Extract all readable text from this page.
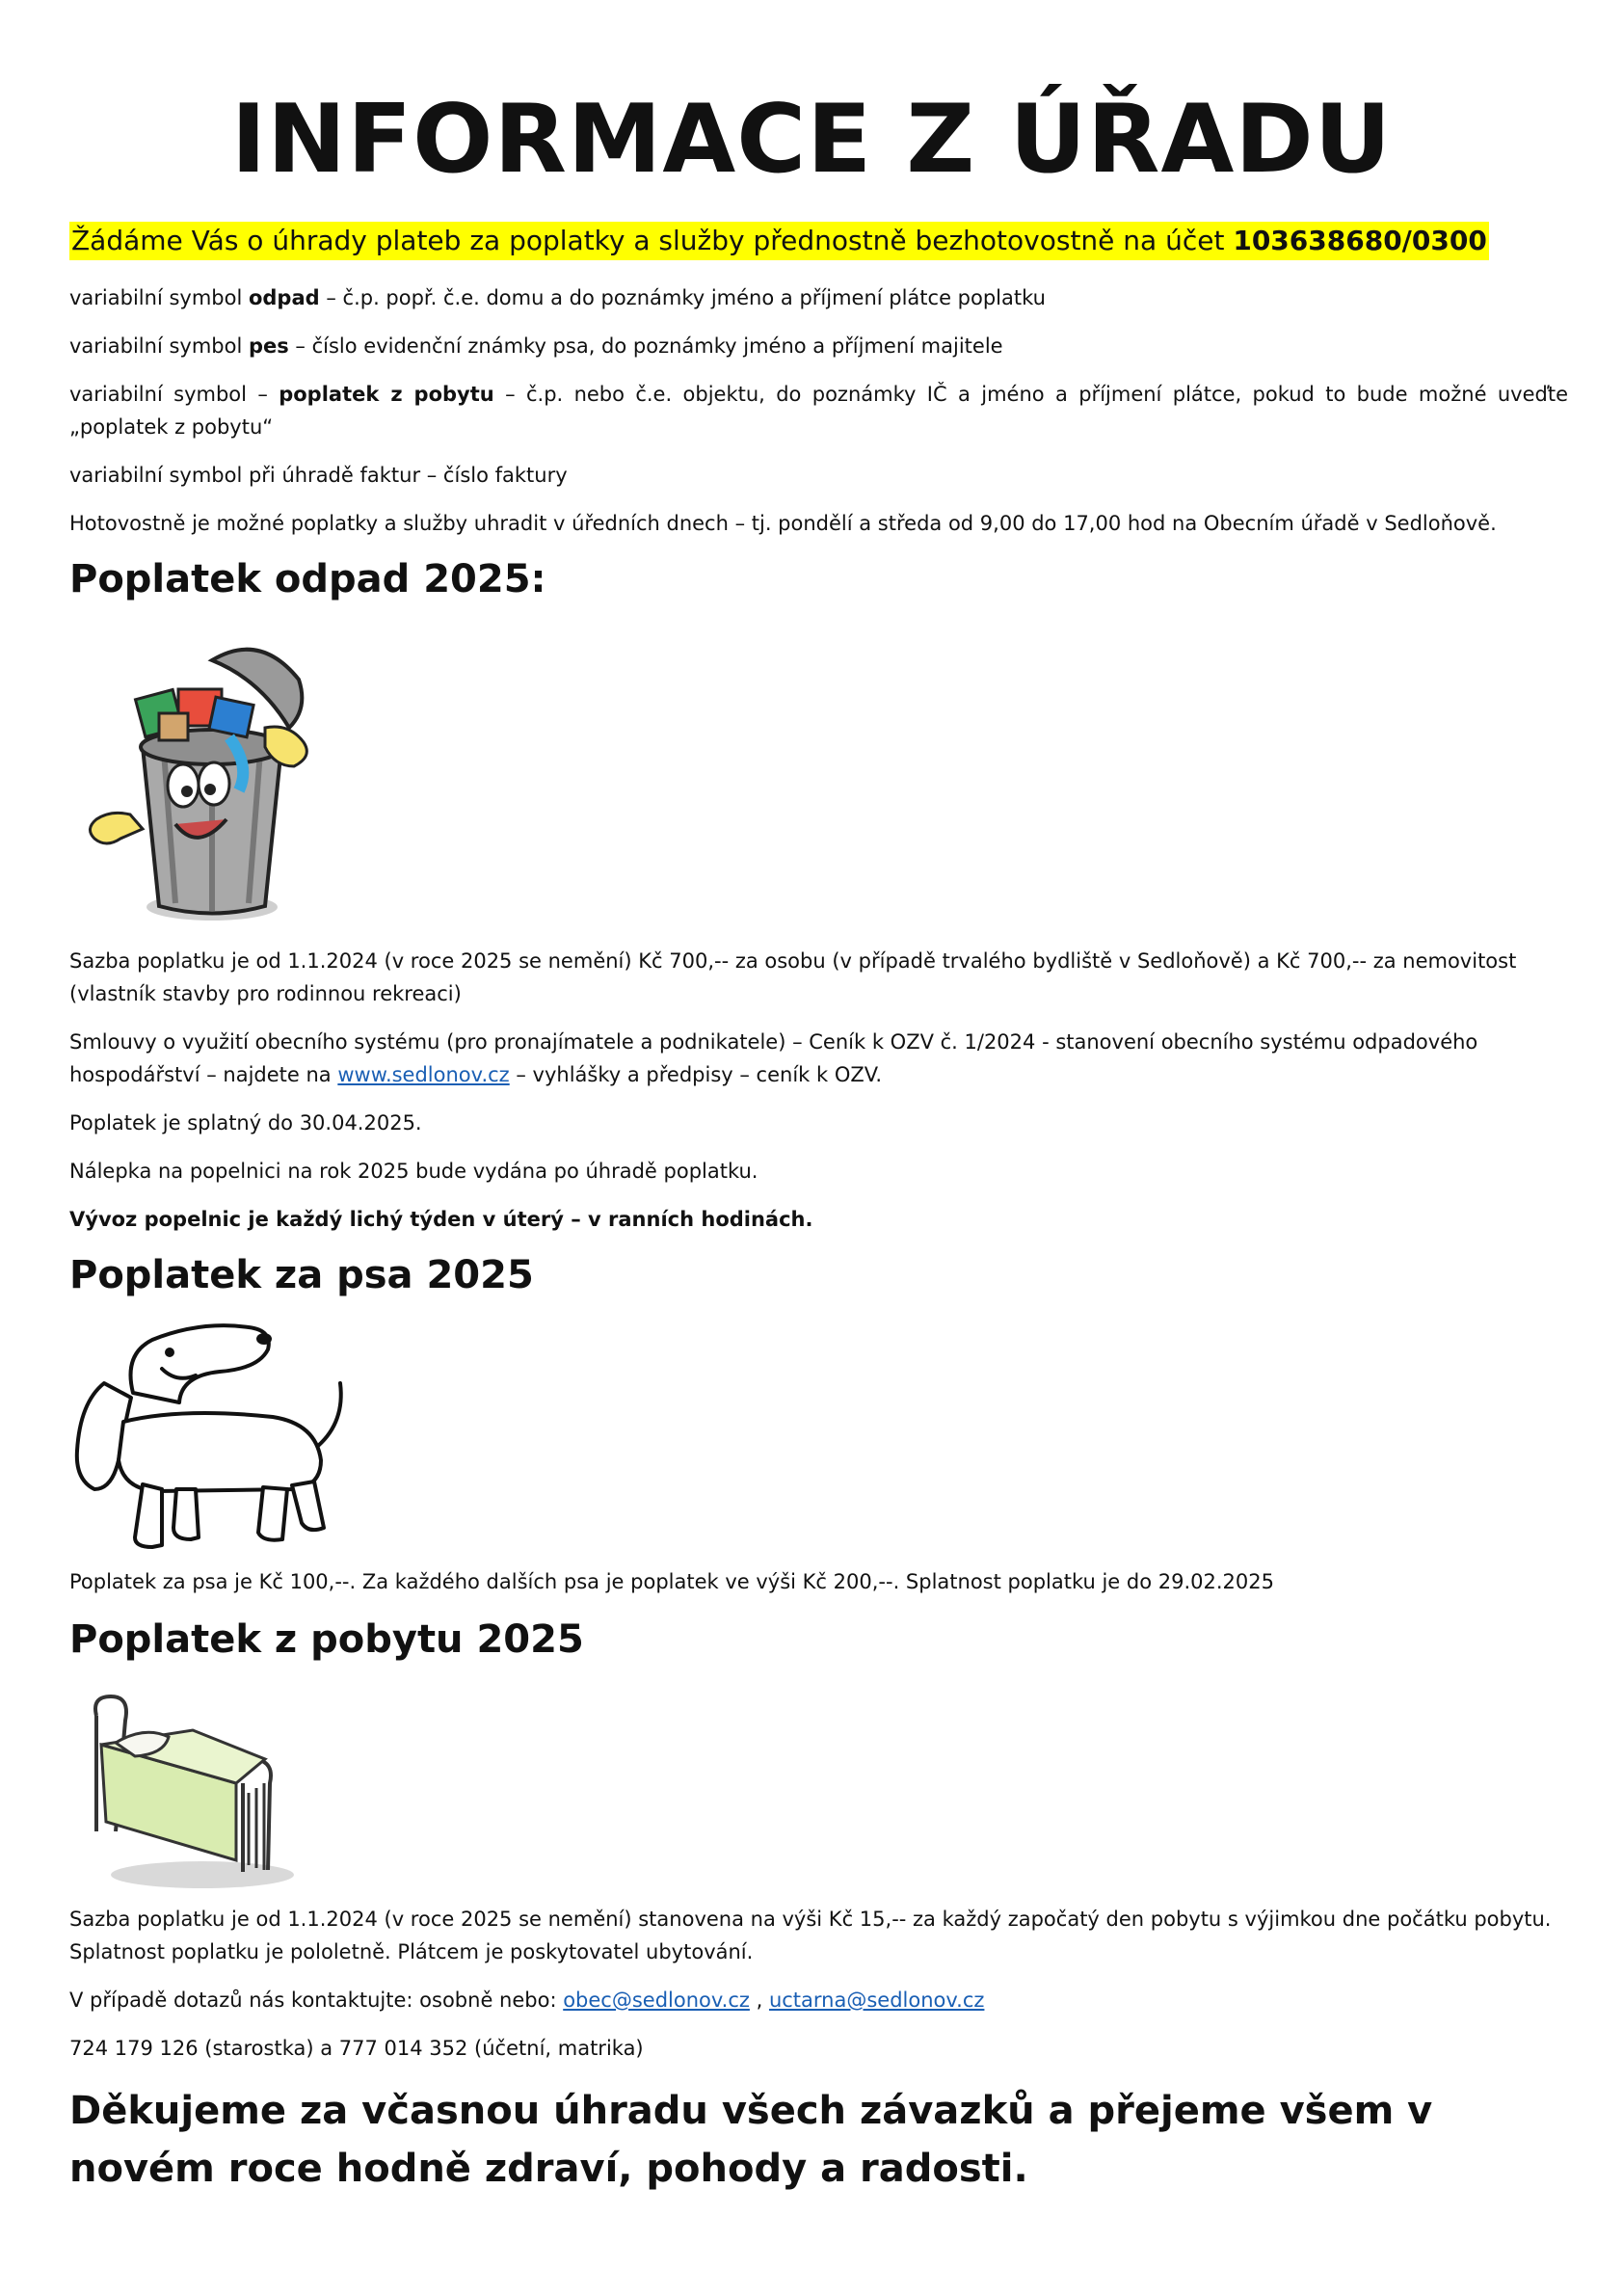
INFORMACE Z ÚŘADU

Žádáme Vás o úhrady plateb za poplatky a služby přednostně bezhotovostně na účet 103638680/0300

variabilní symbol odpad – č.p. popř. č.e. domu a do poznámky jméno a příjmení plátce poplatku

variabilní symbol pes – číslo evidenční známky psa, do poznámky jméno a příjmení majitele

variabilní symbol – poplatek z pobytu – č.p. nebo č.e. objektu, do poznámky IČ a jméno a příjmení plátce, pokud to bude možné uveďte „poplatek z pobytu“

variabilní symbol při úhradě faktur – číslo faktury

Hotovostně je možné poplatky a služby uhradit v úředních dnech – tj. pondělí a středa od 9,00 do 17,00 hod na Obecním úřadě v Sedloňově.

Poplatek odpad 2025:

Sazba poplatku je od 1.1.2024 (v roce 2025 se nemění) Kč 700,-- za osobu (v případě trvalého bydliště v Sedloňově) a Kč 700,-- za nemovitost (vlastník stavby pro rodinnou rekreaci)

Smlouvy o využití obecního systému (pro pronajímatele a podnikatele) – Ceník k OZV č. 1/2024 - stanovení obecního systému odpadového hospodářství – najdete na www.sedlonov.cz – vyhlášky a předpisy – ceník k OZV.

Poplatek je splatný do 30.04.2025.

Nálepka na popelnici na rok 2025 bude vydána po úhradě poplatku.

Vývoz popelnic je každý lichý týden v úterý – v ranních hodinách.

Poplatek za psa 2025

Poplatek za psa je Kč 100,--. Za každého dalších psa je poplatek ve výši Kč 200,--. Splatnost poplatku je do 29.02.2025

Poplatek z pobytu 2025

Sazba poplatku je od 1.1.2024 (v roce 2025 se nemění) stanovena na výši Kč 15,-- za každý započatý den pobytu s výjimkou dne počátku pobytu. Splatnost poplatku je pololetně. Plátcem je poskytovatel ubytování.

V případě dotazů nás kontaktujte: osobně nebo: obec@sedlonov.cz , uctarna@sedlonov.cz

724 179 126 (starostka) a 777 014 352 (účetní, matrika)

Děkujeme za včasnou úhradu všech závazků a přejeme všem v novém roce hodně zdraví, pohody a radosti.
